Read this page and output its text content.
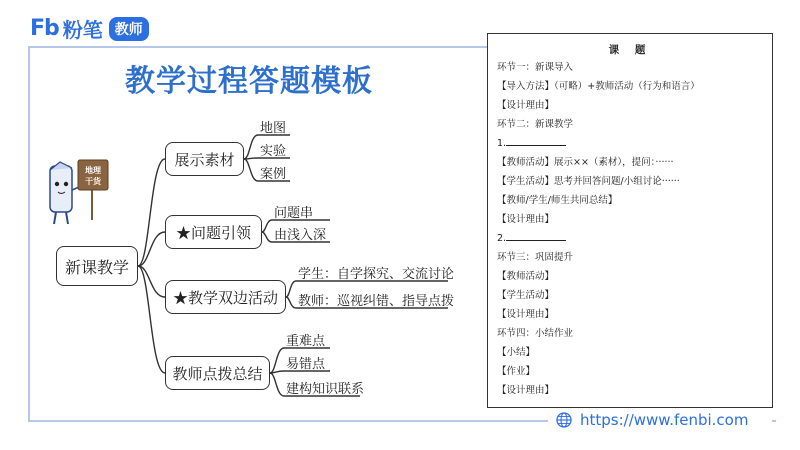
Fb 粉笔 教师
教学过程答题模板
地理
干货
新课教学
展示素材
★问题引领
★教学双边活动
教师点拨总结
地图
实验
案例
问题串
由浅入深
学生：自学探究、交流讨论
教师：巡视纠错、指导点拨
重难点
易错点
建构知识联系
课 题
环节一：新课导入
【导入方法】（可略）+教师活动（行为和语言）
【设计理由】
环节二：新课教学
1.
【教师活动】展示××（素材），提问：······
【学生活动】思考并回答问题/小组讨论······
【教师/学生/师生共同总结】
【设计理由】
2.
环节三：巩固提升
【教师活动】
【学生活动】
【设计理由】
环节四：小结作业
【小结】
【作业】
【设计理由】
https://www.fenbi.com
